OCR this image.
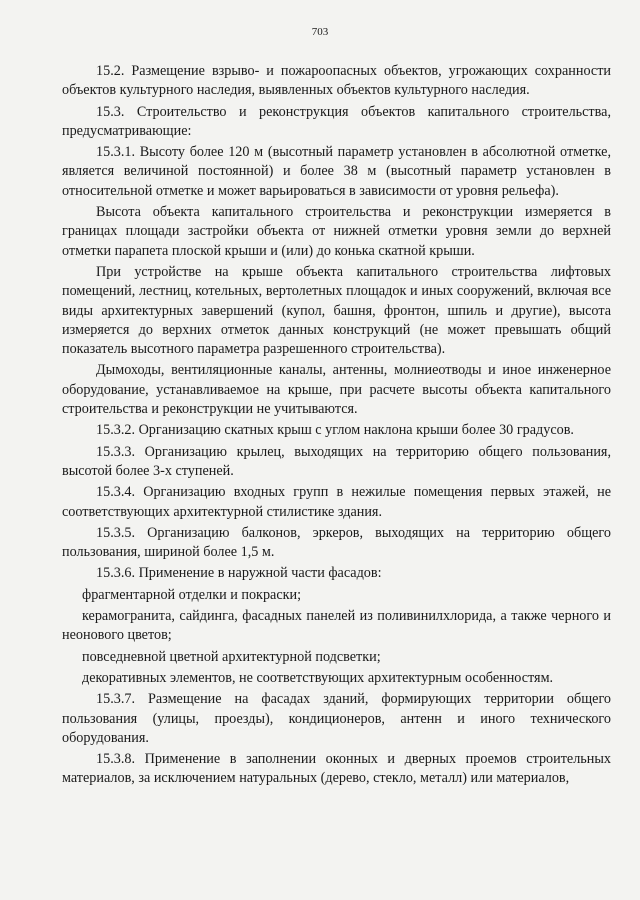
703

15.2. Размещение взрыво- и пожароопасных объектов, угрожающих сохранности объектов культурного наследия, выявленных объектов культурного наследия.

15.3. Строительство и реконструкция объектов капитального строительства, предусматривающие:

15.3.1. Высоту более 120 м (высотный параметр установлен в абсолютной отметке, является величиной постоянной) и более 38 м (высотный параметр установлен в относительной отметке и может варьироваться в зависимости от уровня рельефа).

Высота объекта капитального строительства и реконструкции измеряется в границах площади застройки объекта от нижней отметки уровня земли до верхней отметки парапета плоской крыши и (или) до конька скатной крыши.

При устройстве на крыше объекта капитального строительства лифтовых помещений, лестниц, котельных, вертолетных площадок и иных сооружений, включая все виды архитектурных завершений (купол, башня, фронтон, шпиль и другие), высота измеряется до верхних отметок данных конструкций (не может превышать общий показатель высотного параметра разрешенного строительства).

Дымоходы, вентиляционные каналы, антенны, молниеотводы и иное инженерное оборудование, устанавливаемое на крыше, при расчете высоты объекта капитального строительства и реконструкции не учитываются.

15.3.2. Организацию скатных крыш с углом наклона крыши более 30 градусов.

15.3.3. Организацию крылец, выходящих на территорию общего пользования, высотой более 3-х ступеней.

15.3.4. Организацию входных групп в нежилые помещения первых этажей, не соответствующих архитектурной стилистике здания.

15.3.5. Организацию балконов, эркеров, выходящих на территорию общего пользования, шириной более 1,5 м.

15.3.6. Применение в наружной части фасадов:

фрагментарной отделки и покраски;

керамогранита, сайдинга, фасадных панелей из поливинилхлорида, а также черного и неонового цветов;

повседневной цветной архитектурной подсветки;

декоративных элементов, не соответствующих архитектурным особенностям.

15.3.7. Размещение на фасадах зданий, формирующих территории общего пользования (улицы, проезды), кондиционеров, антенн и иного технического оборудования.

15.3.8. Применение в заполнении оконных и дверных проемов строительных материалов, за исключением натуральных (дерево, стекло, металл) или материалов,
